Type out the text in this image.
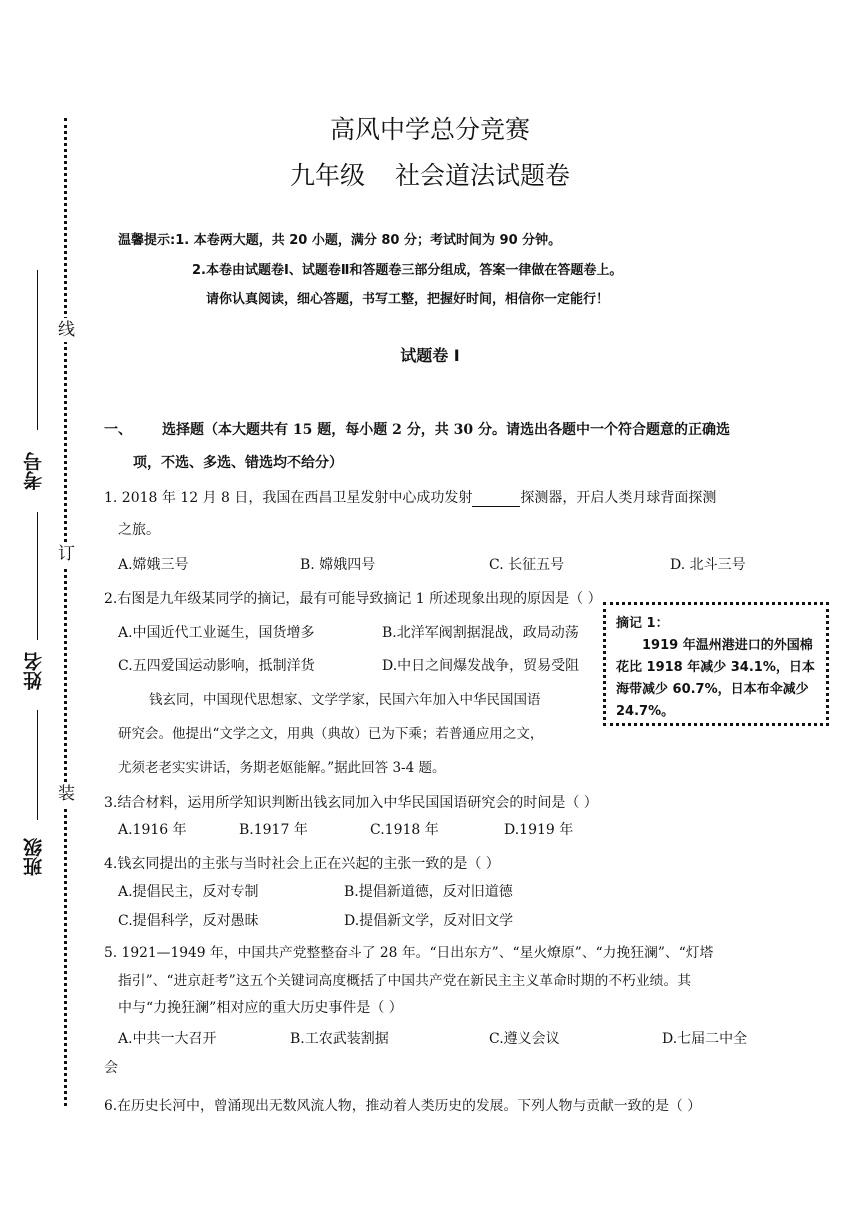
线
订
装
考号
姓名
班级
高风中学总分竞赛
九年级 社会道法试题卷
温馨提示:1. 本卷两大题，共 20 小题，满分 80 分；考试时间为 90 分钟。
2.本卷由试题卷Ⅰ、试题卷Ⅱ和答题卷三部分组成，答案一律做在答题卷上。
请你认真阅读，细心答题，书写工整，把握好时间，相信你一定能行！
试题卷 Ⅰ
一、 选择题（本大题共有 15 题，每小题 2 分，共 30 分。请选出各题中一个符合题意的正确选
项，不选、多选、错选均不给分）
1. 2018 年 12 月 8 日，我国在西昌卫星发射中心成功发射	探测器，开启人类月球背面探测
之旅。
A.嫦娥三号	B. 嫦娥四号	C. 长征五号	D. 北斗三号
2.右图是九年级某同学的摘记，最有可能导致摘记 1 所述现象出现的原因是（ ）
A.中国近代工业诞生，国货增多	B.北洋军阀割据混战，政局动荡
C.五四爱国运动影响，抵制洋货	D.中日之间爆发战争，贸易受阻
钱玄同，中国现代思想家、文学学家，民国六年加入中华民国国语
研究会。他提出“文学之文，用典（典故）已为下乘；若普通应用之文，
尤须老老实实讲话，务期老妪能解。”据此回答 3-4 题。
摘记 1：
1919 年温州港进口的外国棉花比 1918 年减少 34.1%，日本海带减少 60.7%，日本布伞减少 24.7%。
3.结合材料，运用所学知识判断出钱玄同加入中华民国国语研究会的时间是（ ）
A.1916 年	B.1917 年	C.1918 年	D.1919 年
4.钱玄同提出的主张与当时社会上正在兴起的主张一致的是（ ）
A.提倡民主，反对专制	B.提倡新道德，反对旧道德
C.提倡科学，反对愚昧	D.提倡新文学，反对旧文学
5. 1921—1949 年，中国共产党整整奋斗了 28 年。“日出东方”、“星火燎原”、“力挽狂澜”、“灯塔
指引”、“进京赶考”这五个关键词高度概括了中国共产党在新民主主义革命时期的不朽业绩。其
中与“力挽狂澜”相对应的重大历史事件是（ ）
A.中共一大召开	B.工农武装割据	C.遵义会议	D.七届二中全
会
6.在历史长河中，曾涌现出无数风流人物，推动着人类历史的发展。下列人物与贡献一致的是（ ）
